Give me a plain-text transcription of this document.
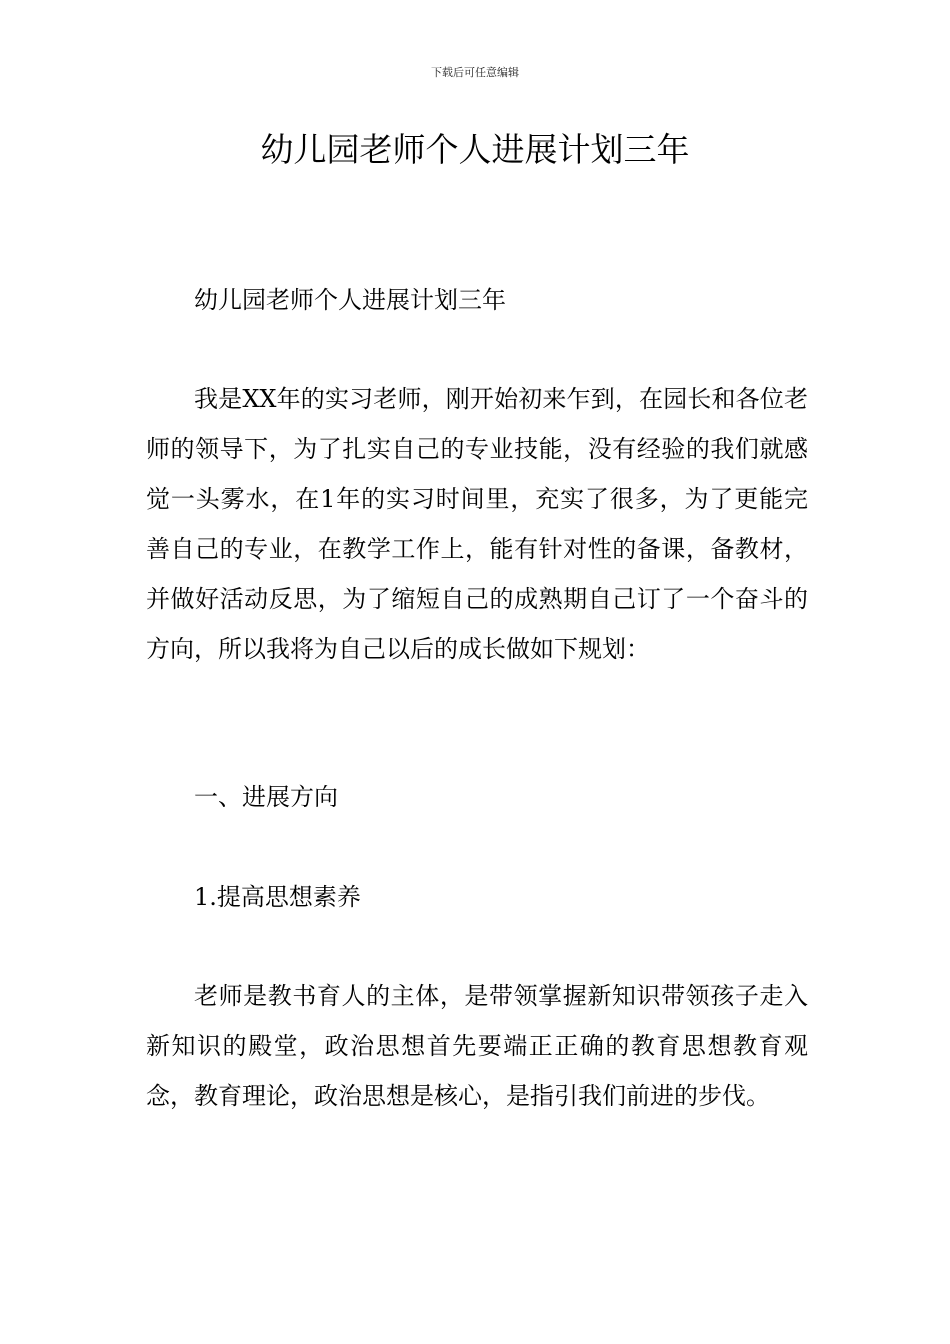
下载后可任意编辑
幼儿园老师个人进展计划三年

幼儿园老师个人进展计划三年

我是XX年的实习老师，刚开始初来乍到，在园长和各位老师的领导下，为了扎实自己的专业技能，没有经验的我们就感觉一头雾水，在1年的实习时间里，充实了很多，为了更能完善自己的专业，在教学工作上，能有针对性的备课，备教材，并做好活动反思，为了缩短自己的成熟期自己订了一个奋斗的方向，所以我将为自己以后的成长做如下规划：

一、进展方向

1.提高思想素养

老师是教书育人的主体，是带领掌握新知识带领孩子走入新知识的殿堂，政治思想首先要端正正确的教育思想教育观念，教育理论，政治思想是核心，是指引我们前进的步伐。
